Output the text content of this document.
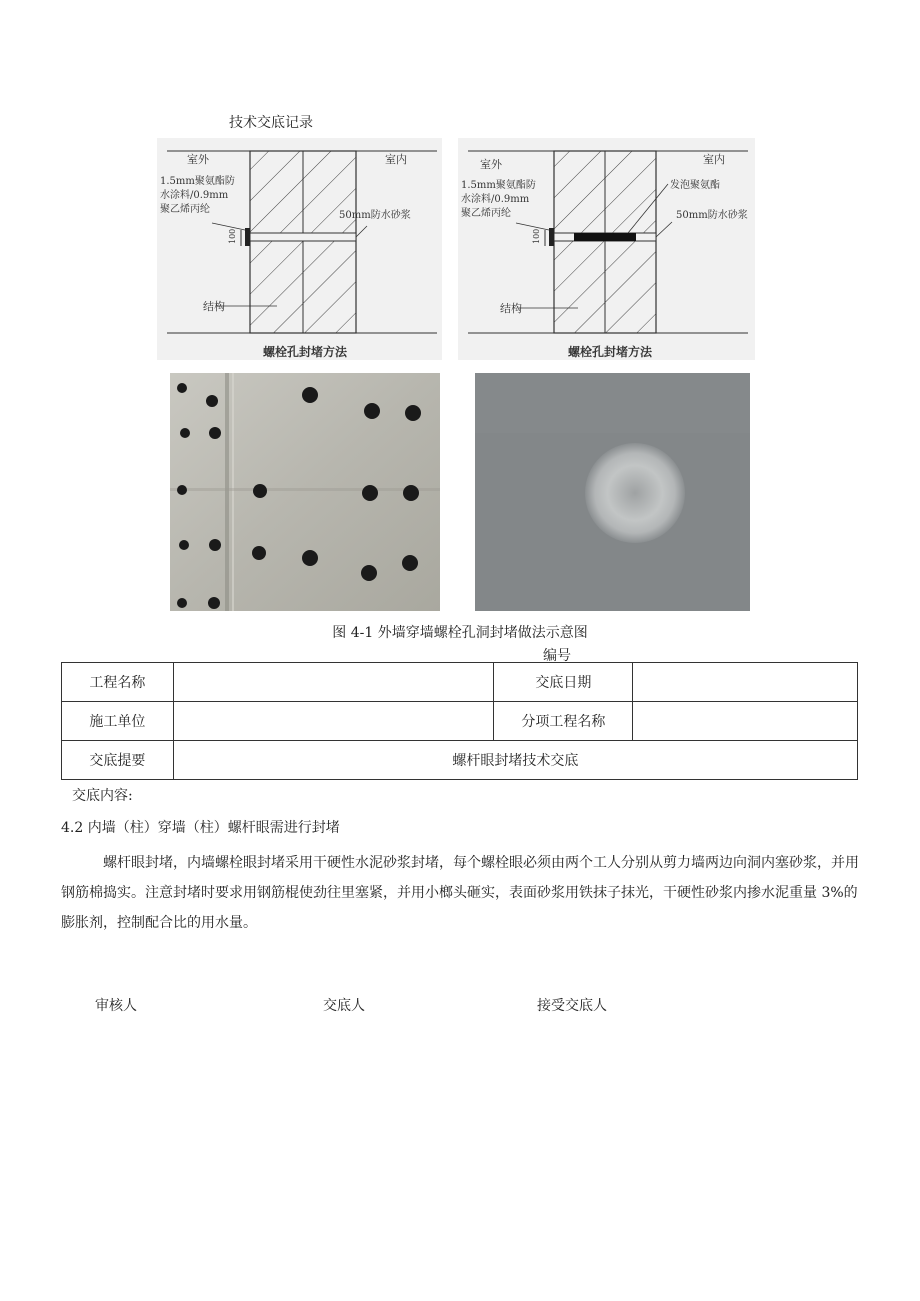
技术交底记录
室外	室内
1.5mm聚氨酯防
水涂料/0.9mm
聚乙烯丙纶
50mm防水砂浆
100
结构
螺栓孔封堵方法
室外	室内
1.5mm聚氨酯防
水涂料/0.9mm
聚乙烯丙纶
发泡聚氨酯
50mm防水砂浆
100
结构
螺栓孔封堵方法
图 4-1 外墙穿墙螺栓孔洞封堵做法示意图
编号
工程名称		交底日期	
施工单位		分项工程名称	
交底提要	螺杆眼封堵技术交底		
交底内容:
4.2 内墙（柱）穿墙（柱）螺杆眼需进行封堵
螺杆眼封堵，内墙螺栓眼封堵采用干硬性水泥砂浆封堵，每个螺栓眼必须由两个工人分别从剪力墙两边向洞内塞砂浆，并用钢筋棉捣实。注意封堵时要求用钢筋棍使劲往里塞紧，并用小榔头砸实，表面砂浆用铁抹子抹光，干硬性砂浆内掺水泥重量 3%的膨胀剂，控制配合比的用水量。
审核人	交底人	接受交底人
